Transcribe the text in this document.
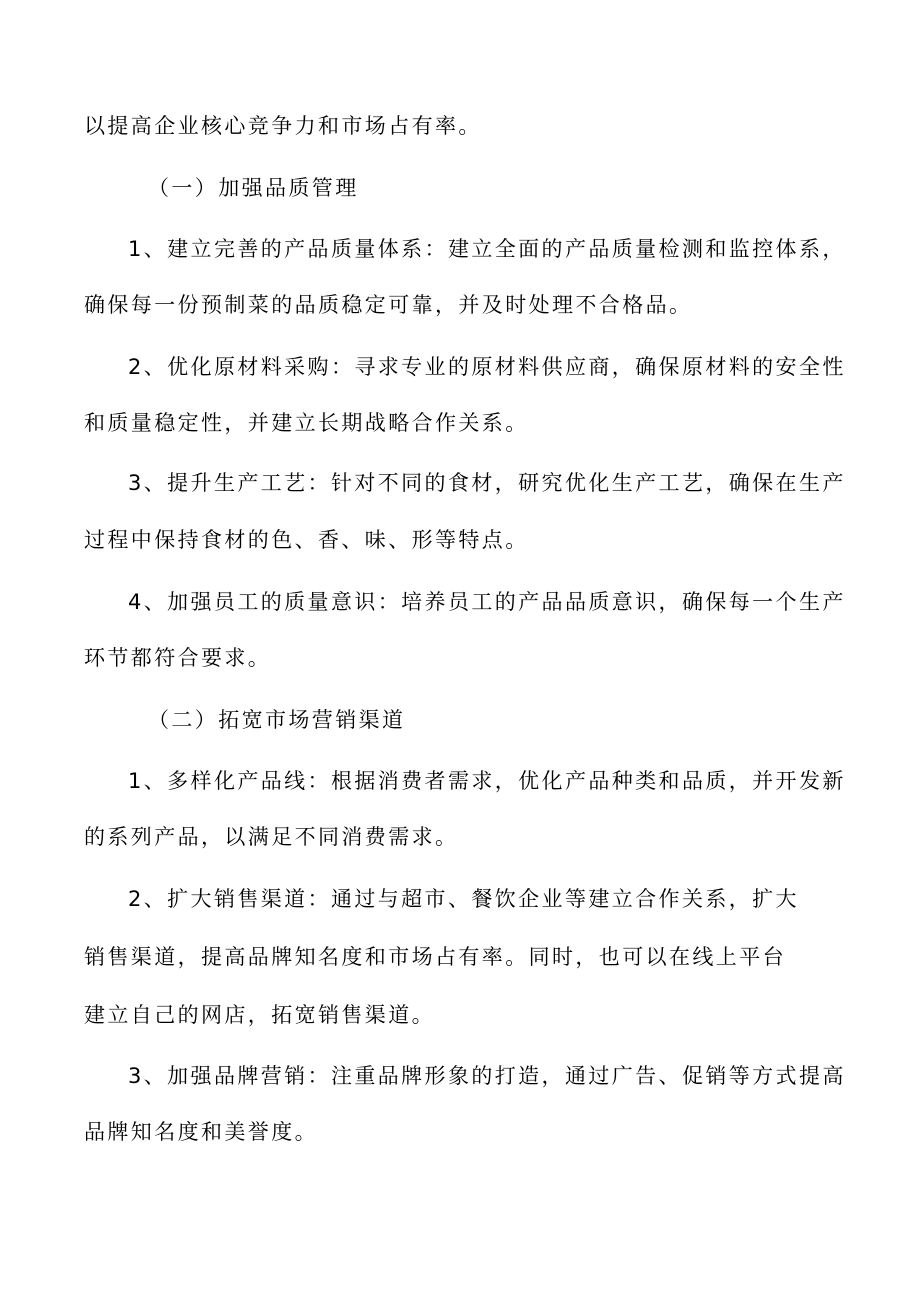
以提高企业核心竞争力和市场占有率。
（一）加强品质管理
1、建立完善的产品质量体系：建立全面的产品质量检测和监控体系，
确保每一份预制菜的品质稳定可靠，并及时处理不合格品。
2、优化原材料采购：寻求专业的原材料供应商，确保原材料的安全性
和质量稳定性，并建立长期战略合作关系。
3、提升生产工艺：针对不同的食材，研究优化生产工艺，确保在生产
过程中保持食材的色、香、味、形等特点。
4、加强员工的质量意识：培养员工的产品品质意识，确保每一个生产
环节都符合要求。
（二）拓宽市场营销渠道
1、多样化产品线：根据消费者需求，优化产品种类和品质，并开发新
的系列产品，以满足不同消费需求。
2、扩大销售渠道：通过与超市、餐饮企业等建立合作关系，扩大
销售渠道，提高品牌知名度和市场占有率。同时，也可以在线上平台
建立自己的网店，拓宽销售渠道。
3、加强品牌营销：注重品牌形象的打造，通过广告、促销等方式提高
品牌知名度和美誉度。
